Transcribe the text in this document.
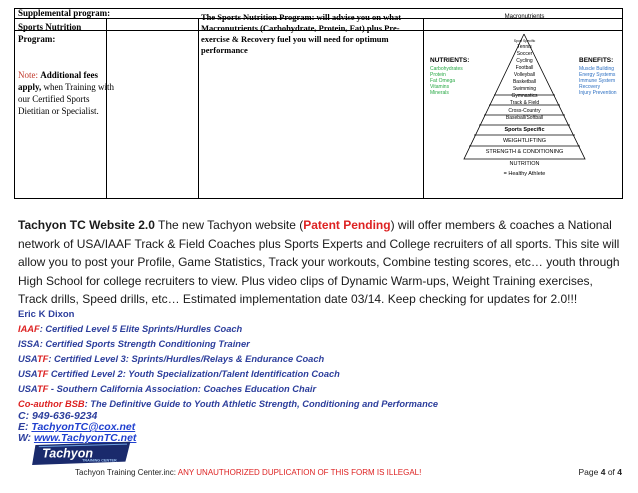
Supplemental program:
Sports Nutrition Program:
Note: Additional fees apply, when Training with our Certified Sports Dietitian or Specialist.
The Sports Nutrition Program: will advise you on what Macronutrients (Carbohydrate, Protein, Fat) plus Pre-exercise & Recovery fuel you will need for optimum performance
Macronutrients
NUTRIENTS:
Carbohydrates
Protein
Fat Omega
Vitamins
Minerals
BENEFITS:
Muscle Building
Energy Systems
Immune System
Recovery
Injury Prevention
Sport Specific
Tennis
Soccer
Cycling
Football
Volleyball
Basketball
Swimming
Gymnastics
Track & Field
Cross-Country
Baseball/Softball
Sports Specific
WEIGHTLIFTING
STRENGTH & CONDITIONING
NUTRITION
= Healthy Athlete
Tachyon TC Website 2.0 The new Tachyon website (Patent Pending) will offer members & coaches a National network of USA/IAAF Track & Field Coaches plus Sports Experts and College recruiters of all sports. This site will allow you to post your Profile, Game Statistics, Track your workouts, Combine testing scores, etc… youth through High School for college recruiters to view. Plus video clips of Dynamic Warm-ups, Weight Training exercises, Track drills, Speed drills, etc… Estimated implementation date 03/14. Keep checking for updates for 2.0!!!
Eric K Dixon
IAAF: Certified Level 5 Elite Sprints/Hurdles Coach
ISSA: Certified Sports Strength Conditioning Trainer
USATF: Certified Level 3: Sprints/Hurdles/Relays & Endurance Coach
USATF Certified Level 2: Youth Specialization/Talent Identification Coach
USATF - Southern California Association: Coaches Education Chair
Co-author BSB: The Definitive Guide to Youth Athletic Strength, Conditioning and Performance
C: 949-636-9234
E: TachyonTC@cox.net
W: www.TachyonTC.net
Tachyon
TRAINING CENTER
Tachyon Training Center.inc: ANY UNAUTHORIZED DUPLICATION OF THIS FORM IS ILLEGAL!	Page 4 of 4
